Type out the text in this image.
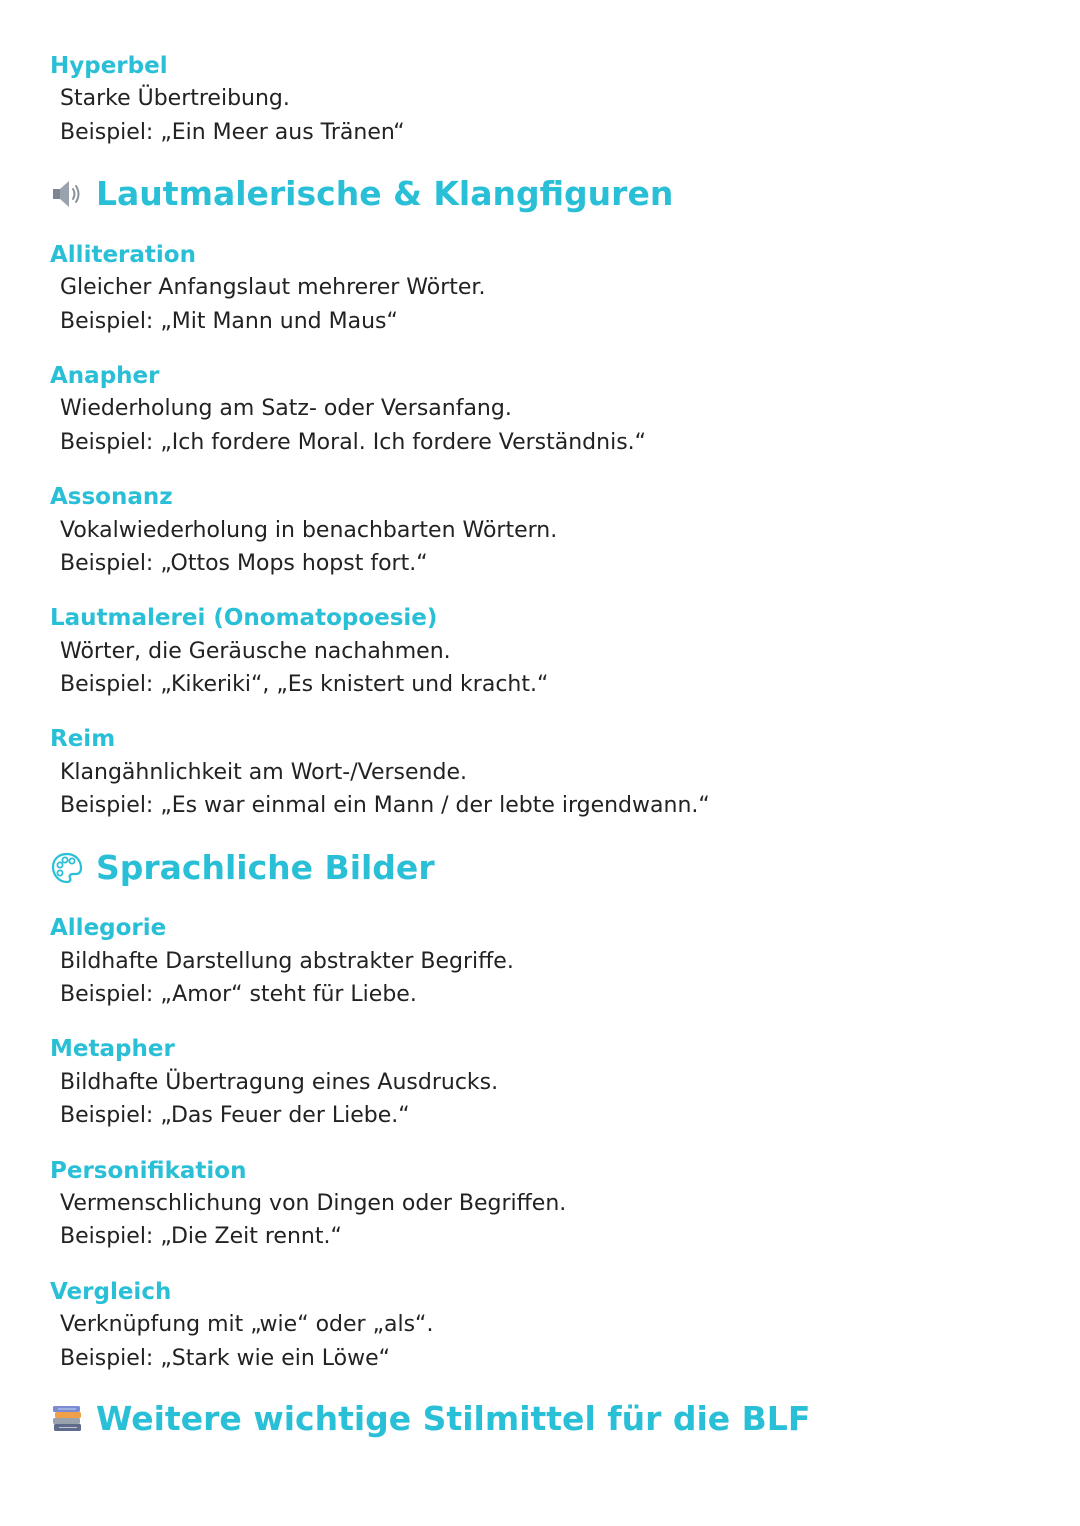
Hyperbel
Starke Übertreibung.
Beispiel: „Ein Meer aus Tränen“
Lautmalerische & Klangfiguren
Alliteration
Gleicher Anfangslaut mehrerer Wörter.
Beispiel: „Mit Mann und Maus“
Anapher
Wiederholung am Satz- oder Versanfang.
Beispiel: „Ich fordere Moral. Ich fordere Verständnis.“
Assonanz
Vokalwiederholung in benachbarten Wörtern.
Beispiel: „Ottos Mops hopst fort.“
Lautmalerei (Onomatopoesie)
Wörter, die Geräusche nachahmen.
Beispiel: „Kikeriki“, „Es knistert und kracht.“
Reim
Klangähnlichkeit am Wort-/Versende.
Beispiel: „Es war einmal ein Mann / der lebte irgendwann.“
Sprachliche Bilder
Allegorie
Bildhafte Darstellung abstrakter Begriffe.
Beispiel: „Amor“ steht für Liebe.
Metapher
Bildhafte Übertragung eines Ausdrucks.
Beispiel: „Das Feuer der Liebe.“
Personifikation
Vermenschlichung von Dingen oder Begriffen.
Beispiel: „Die Zeit rennt.“
Vergleich
Verknüpfung mit „wie“ oder „als“.
Beispiel: „Stark wie ein Löwe“
Weitere wichtige Stilmittel für die BLF
